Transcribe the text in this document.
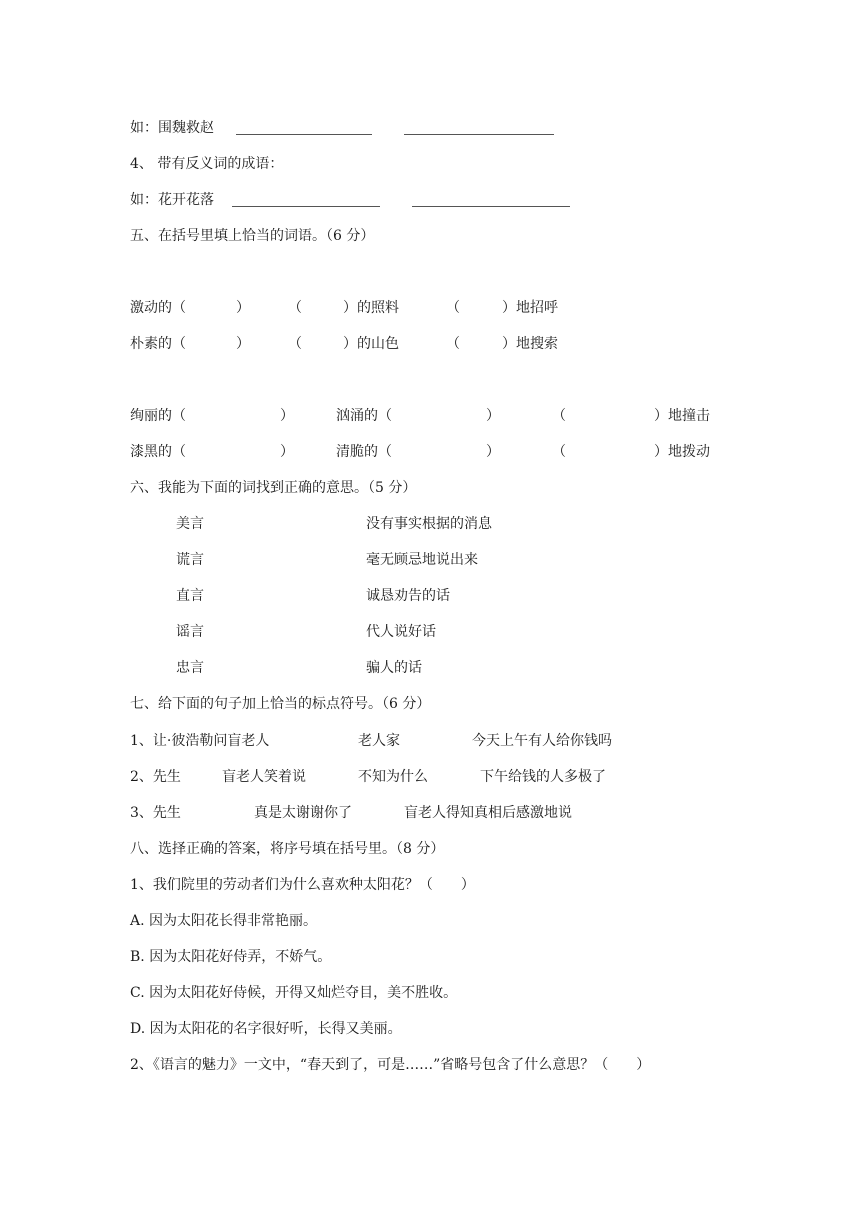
如：围魏救赵
4、 带有反义词的成语：
如：花开花落
五、在括号里填上恰当的词语。（6 分）
激动的（	）	（	）的照料	（	）地招呼
朴素的（	）	（	）的山色	（	）地搜索
绚丽的（	）	汹涌的（	）	（	）地撞击
漆黑的（	）	清脆的（	）	（	）地拨动
六、我能为下面的词找到正确的意思。（5 分）
美言	没有事实根据的消息
谎言	毫无顾忌地说出来
直言	诚恳劝告的话
谣言	代人说好话
忠言	骗人的话
七、给下面的句子加上恰当的标点符号。（6 分）
1、让·彼浩勒问盲老人	老人家	今天上午有人给你钱吗
2、先生	盲老人笑着说	不知为什么	下午给钱的人多极了
3、先生	真是太谢谢你了	盲老人得知真相后感激地说
八、选择正确的答案，将序号填在括号里。（8 分）
1、我们院里的劳动者们为什么喜欢种太阳花？（　　）
A. 因为太阳花长得非常艳丽。
B. 因为太阳花好侍弄，不娇气。
C. 因为太阳花好侍候，开得又灿烂夺目，美不胜收。
D. 因为太阳花的名字很好听，长得又美丽。
2、《语言的魅力》一文中，“春天到了，可是……”省略号包含了什么意思？（　　）
